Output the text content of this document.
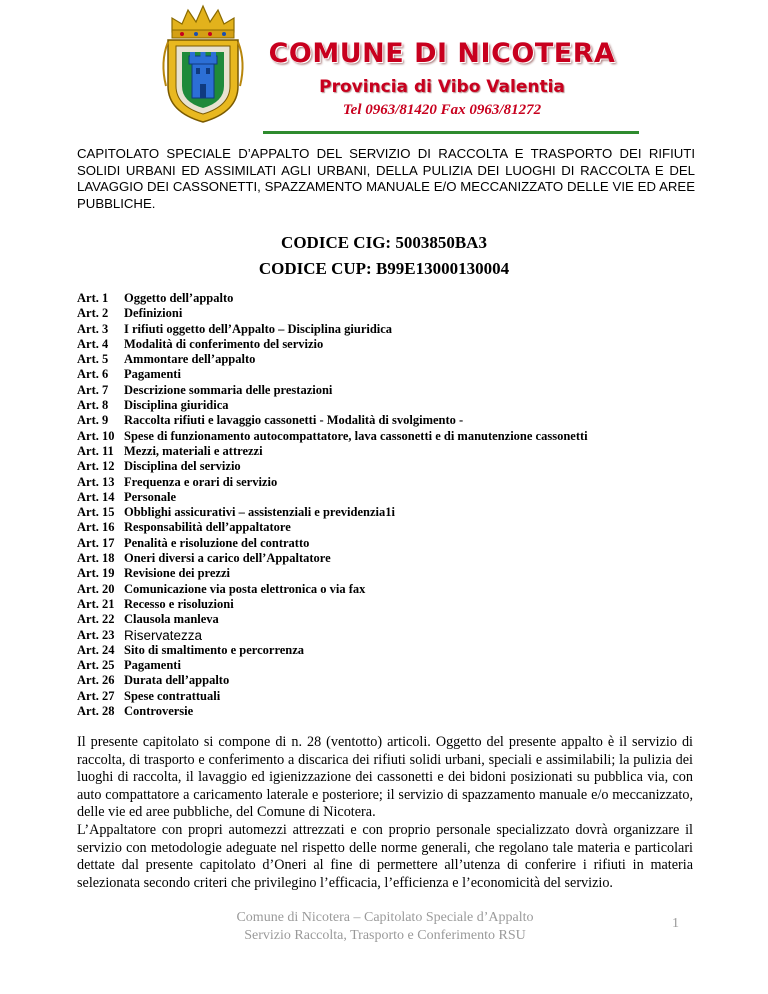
COMUNE DI NICOTERA
Provincia di Vibo Valentia
Tel 0963/81420 Fax 0963/81272
CAPITOLATO SPECIALE D’APPALTO DEL SERVIZIO DI RACCOLTA E TRASPORTO DEI RIFIUTI SOLIDI URBANI ED ASSIMILATI AGLI URBANI, DELLA PULIZIA DEI LUOGHI DI RACCOLTA E DEL LAVAGGIO DEI CASSONETTI, SPAZZAMENTO MANUALE E/O MECCANIZZATO DELLE VIE ED AREE PUBBLICHE.
CODICE CIG: 5003850BA3
CODICE CUP: B99E13000130004
Art. 1	Oggetto dell’appalto
Art. 2	Definizioni
Art. 3	I rifiuti oggetto dell’Appalto – Disciplina giuridica
Art. 4	Modalità di conferimento del servizio
Art. 5	Ammontare dell’appalto
Art. 6	Pagamenti
Art. 7	Descrizione sommaria delle prestazioni
Art. 8	Disciplina giuridica
Art. 9	Raccolta rifiuti e lavaggio cassonetti - Modalità di svolgimento -
Art. 10 Spese di funzionamento autocompattatore, lava cassonetti e di manutenzione cassonetti
Art. 11 Mezzi, materiali e attrezzi
Art. 12 Disciplina del servizio
Art. 13 Frequenza e orari di servizio
Art. 14 Personale
Art. 15 Obblighi assicurativi – assistenziali e previdenzia1i
Art. 16 Responsabilità dell’appaltatore
Art. 17 Penalità e risoluzione del contratto
Art. 18 Oneri diversi a carico dell’Appaltatore
Art. 19 Revisione dei prezzi
Art. 20 Comunicazione via posta elettronica o via fax
Art. 21 Recesso e risoluzioni
Art. 22 Clausola manleva
Art. 23 Riservatezza
Art. 24 Sito di smaltimento e percorrenza
Art. 25 Pagamenti
Art. 26 Durata dell’appalto
Art. 27 Spese contrattuali
Art. 28 Controversie

Il presente capitolato si compone di n. 28 (ventotto) articoli. Oggetto del presente appalto è il servizio di raccolta, di trasporto e conferimento a discarica dei rifiuti solidi urbani, speciali e assimilabili; la pulizia dei luoghi di raccolta, il lavaggio ed igienizzazione dei cassonetti e dei bidoni posizionati su pubblica via, con auto compattatore a caricamento laterale e posteriore; il servizio di spazzamento manuale e/o meccanizzato, delle vie ed aree pubbliche, del Comune di Nicotera.

L’Appaltatore con propri automezzi attrezzati e con proprio personale specializzato dovrà organizzare il servizio con metodologie adeguate nel rispetto delle norme generali, che regolano tale materia e particolari dettate dal presente capitolato d’Oneri al fine di permettere all’utenza di conferire i rifiuti in materia selezionata secondo criteri che privilegino l’efficacia, l’efficienza e l’economicità del servizio.

Comune di Nicotera – Capitolato Speciale d’Appalto
Servizio Raccolta, Trasporto e Conferimento RSU
1
